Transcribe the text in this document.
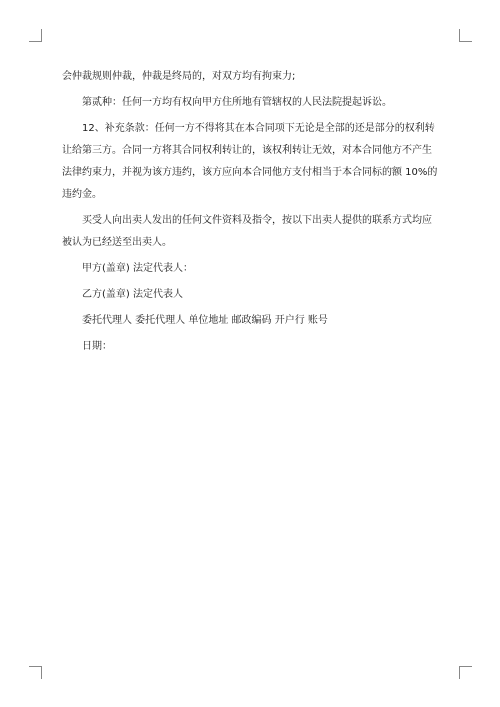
会仲裁规则仲裁，仲裁是终局的，对双方均有拘束力;

第贰种：任何一方均有权向甲方住所地有管辖权的人民法院提起诉讼。

12、补充条款：任何一方不得将其在本合同项下无论是全部的还是部分的权利转

让给第三方。合同一方将其合同权利转让的，该权利转让无效，对本合同他方不产生

法律约束力，并视为该方违约，该方应向本合同他方支付相当于本合同标的额 10%的

违约金。

买受人向出卖人发出的任何文件资料及指令，按以下出卖人提供的联系方式均应

被认为已经送至出卖人。

甲方(盖章) 法定代表人：

乙方(盖章) 法定代表人

委托代理人 委托代理人 单位地址 邮政编码 开户行 账号

日期：
